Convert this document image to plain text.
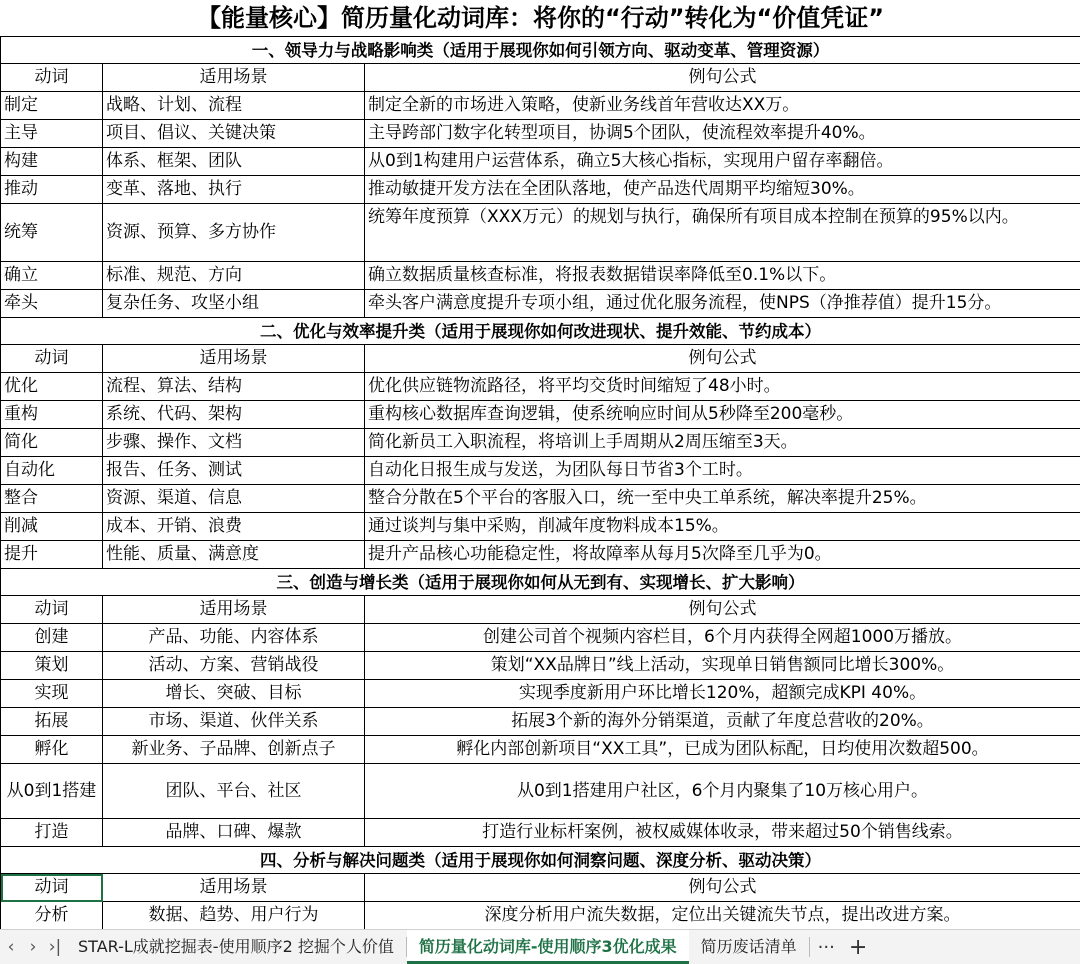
【能量核心】简历量化动词库：将你的“行动”转化为“价值凭证”		
一、领导力与战略影响类（适用于展现你如何引领方向、驱动变革、管理资源）		
动词	适用场景	例句公式
制定	战略、计划、流程	制定全新的市场进入策略，使新业务线首年营收达XX万。
主导	项目、倡议、关键决策	主导跨部门数字化转型项目，协调5个团队，使流程效率提升40%。
构建	体系、框架、团队	从0到1构建用户运营体系，确立5大核心指标，实现用户留存率翻倍。
推动	变革、落地、执行	推动敏捷开发方法在全团队落地，使产品迭代周期平均缩短30%。
统筹	资源、预算、多方协作	统筹年度预算（XXX万元）的规划与执行，确保所有项目成本控制在预算的95%以内。
确立	标准、规范、方向	确立数据质量核查标准，将报表数据错误率降低至0.1%以下。
牵头	复杂任务、攻坚小组	牵头客户满意度提升专项小组，通过优化服务流程，使NPS（净推荐值）提升15分。
二、优化与效率提升类（适用于展现你如何改进现状、提升效能、节约成本）		
动词	适用场景	例句公式
优化	流程、算法、结构	优化供应链物流路径，将平均交货时间缩短了48小时。
重构	系统、代码、架构	重构核心数据库查询逻辑，使系统响应时间从5秒降至200毫秒。
简化	步骤、操作、文档	简化新员工入职流程，将培训上手周期从2周压缩至3天。
自动化	报告、任务、测试	自动化日报生成与发送，为团队每日节省3个工时。
整合	资源、渠道、信息	整合分散在5个平台的客服入口，统一至中央工单系统，解决率提升25%。
削减	成本、开销、浪费	通过谈判与集中采购，削减年度物料成本15%。
提升	性能、质量、满意度	提升产品核心功能稳定性，将故障率从每月5次降至几乎为0。
三、创造与增长类（适用于展现你如何从无到有、实现增长、扩大影响）		
动词	适用场景	例句公式
创建	产品、功能、内容体系	创建公司首个视频内容栏目，6个月内获得全网超1000万播放。
策划	活动、方案、营销战役	策划“XX品牌日”线上活动，实现单日销售额同比增长300%。
实现	增长、突破、目标	实现季度新用户环比增长120%，超额完成KPI 40%。
拓展	市场、渠道、伙伴关系	拓展3个新的海外分销渠道，贡献了年度总营收的20%。
孵化	新业务、子品牌、创新点子	孵化内部创新项目“XX工具”，已成为团队标配，日均使用次数超500。
从0到1搭建	团队、平台、社区	从0到1搭建用户社区，6个月内聚集了10万核心用户。
打造	品牌、口碑、爆款	打造行业标杆案例，被权威媒体收录，带来超过50个销售线索。
四、分析与解决问题类（适用于展现你如何洞察问题、深度分析、驱动决策）		
动词	适用场景	例句公式
分析	数据、趋势、用户行为	深度分析用户流失数据，定位出关键流失节点，提出改进方案。
‹ › ›|	STAR-L成就挖掘表-使用顺序2 挖掘个人价值	简历量化动词库-使用顺序3优化成果	简历废话清单	··· +
